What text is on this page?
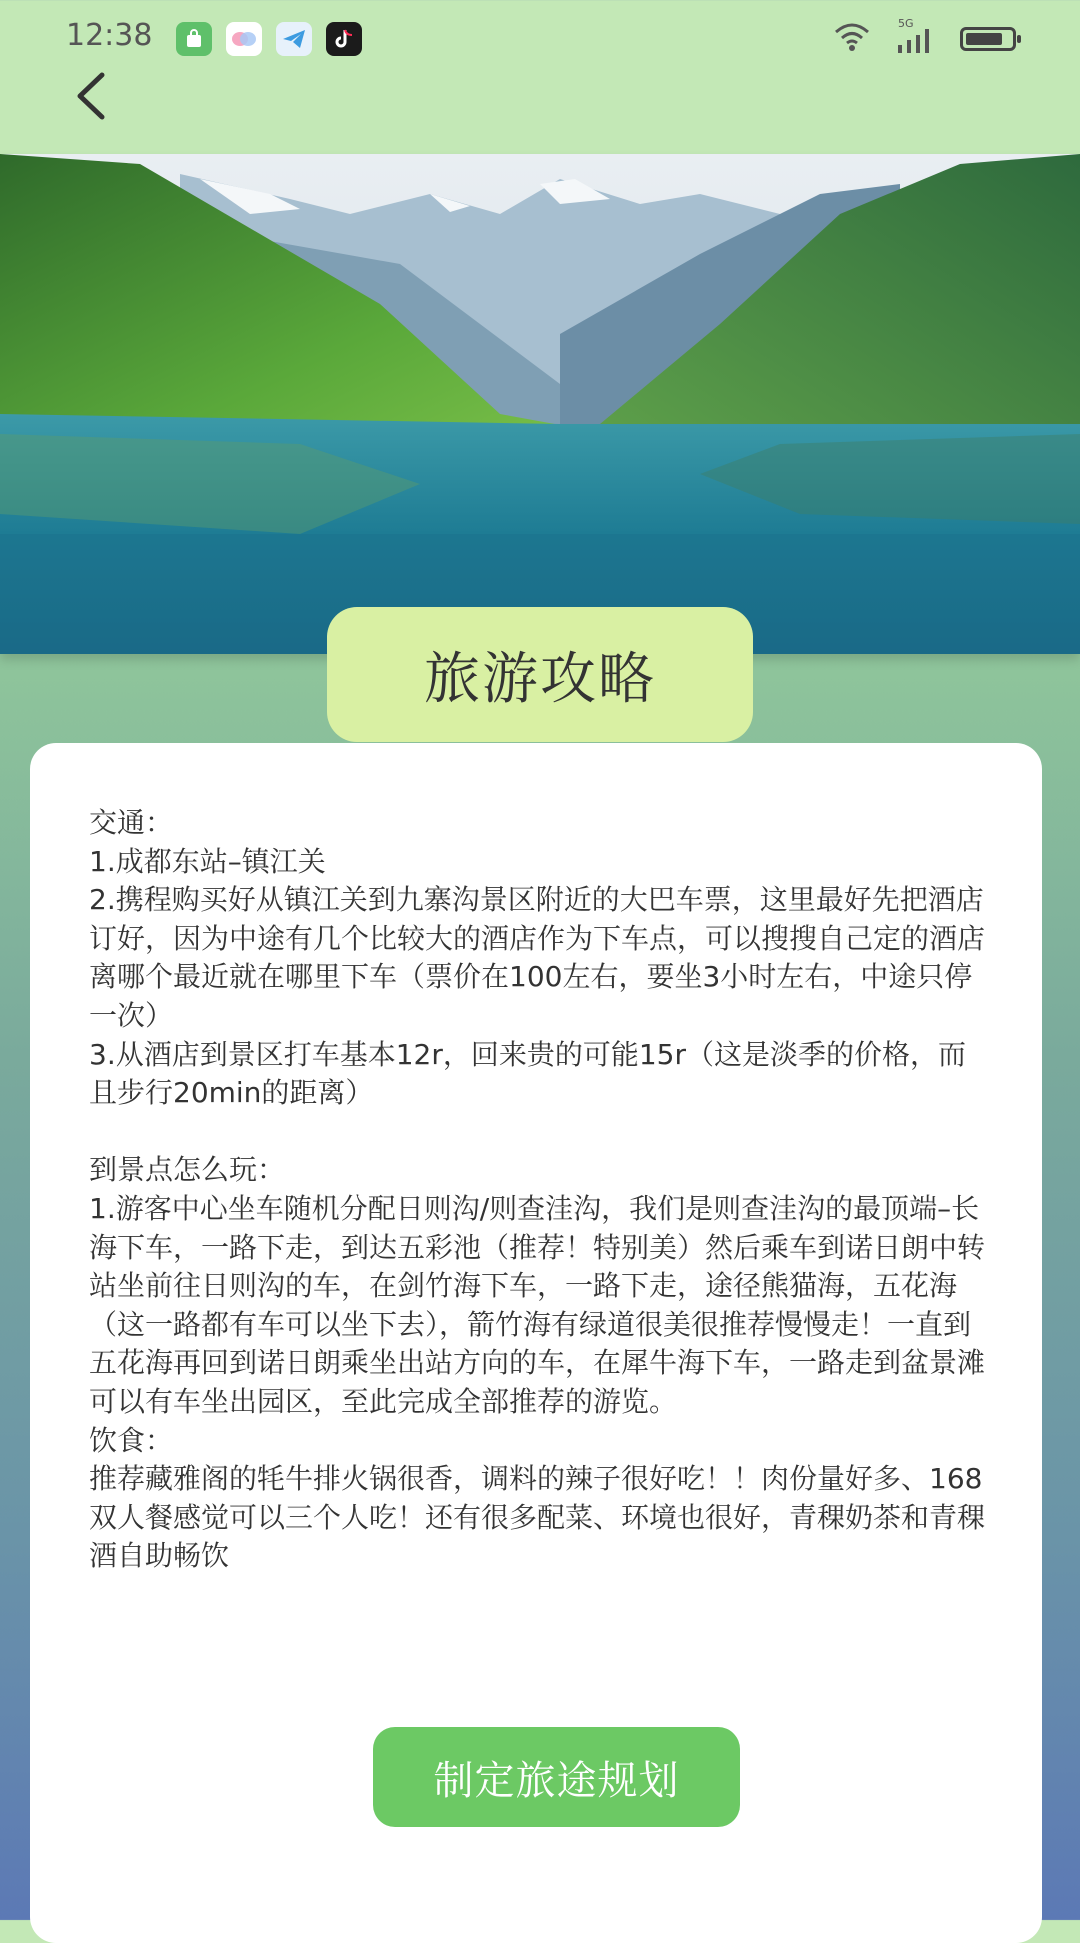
12:38	5G
旅游攻略
交通：
1.成都东站–镇江关
2.携程购买好从镇江关到九寨沟景区附近的大巴车票，这里最好先把酒店订好，因为中途有几个比较大的酒店作为下车点，可以搜搜自己定的酒店离哪个最近就在哪里下车（票价在100左右，要坐3小时左右，中途只停一次）
3.从酒店到景区打车基本12r，回来贵的可能15r（这是淡季的价格，而且步行20min的距离）

到景点怎么玩：
1.游客中心坐车随机分配日则沟/则查洼沟，我们是则查洼沟的最顶端–长海下车，一路下走，到达五彩池（推荐！特别美）然后乘车到诺日朗中转站坐前往日则沟的车，在剑竹海下车，一路下走，途径熊猫海，五花海（这一路都有车可以坐下去），箭竹海有绿道很美很推荐慢慢走！一直到五花海再回到诺日朗乘坐出站方向的车，在犀牛海下车，一路走到盆景滩可以有车坐出园区，至此完成全部推荐的游览。
饮食：
推荐藏雅阁的牦牛排火锅很香，调料的辣子很好吃！！肉份量好多、168双人餐感觉可以三个人吃！还有很多配菜、环境也很好，青稞奶茶和青稞酒自助畅饮
制定旅途规划
